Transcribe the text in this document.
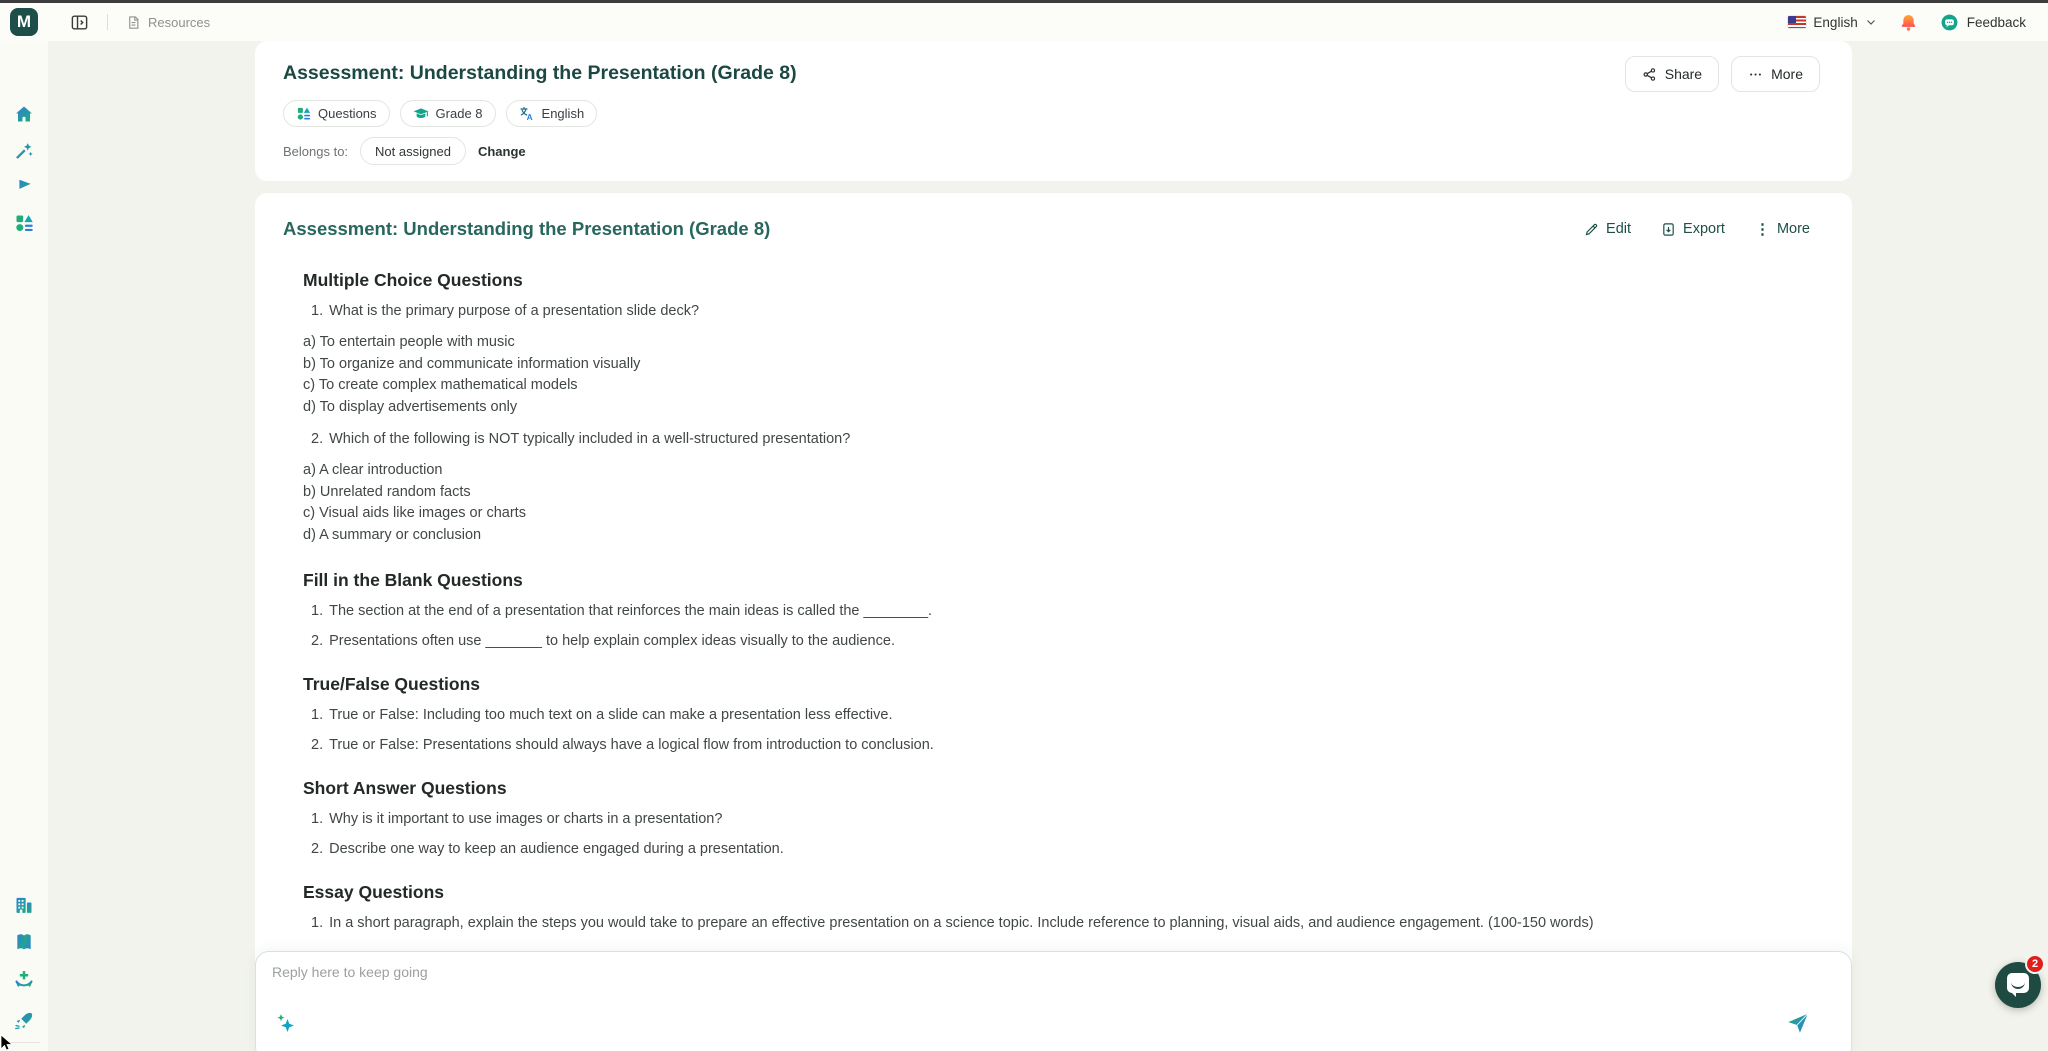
M	Resources	English	Feedback
Assessment: Understanding the Presentation (Grade 8)
Questions	Grade 8	A English
Belongs to:	Not assigned	Change
Share	More
Assessment: Understanding the Presentation (Grade 8)	Edit	Export ⋮ More
Multiple Choice Questions
1. What is the primary purpose of a presentation slide deck?
a) To entertain people with music
b) To organize and communicate information visually
c) To create complex mathematical models
d) To display advertisements only
2. Which of the following is NOT typically included in a well-structured presentation?
a) A clear introduction
b) Unrelated random facts
c) Visual aids like images or charts
d) A summary or conclusion
Fill in the Blank Questions
1. The section at the end of a presentation that reinforces the main ideas is called the ________.
2. Presentations often use _______ to help explain complex ideas visually to the audience.
True/False Questions
1. True or False: Including too much text on a slide can make a presentation less effective.
2. True or False: Presentations should always have a logical flow from introduction to conclusion.
Short Answer Questions
1. Why is it important to use images or charts in a presentation?
2. Describe one way to keep an audience engaged during a presentation.
Essay Questions
1. In a short paragraph, explain the steps you would take to prepare an effective presentation on a science topic. Include reference to planning, visual aids, and audience engagement. (100-150 words)
Reply here to keep going
2
